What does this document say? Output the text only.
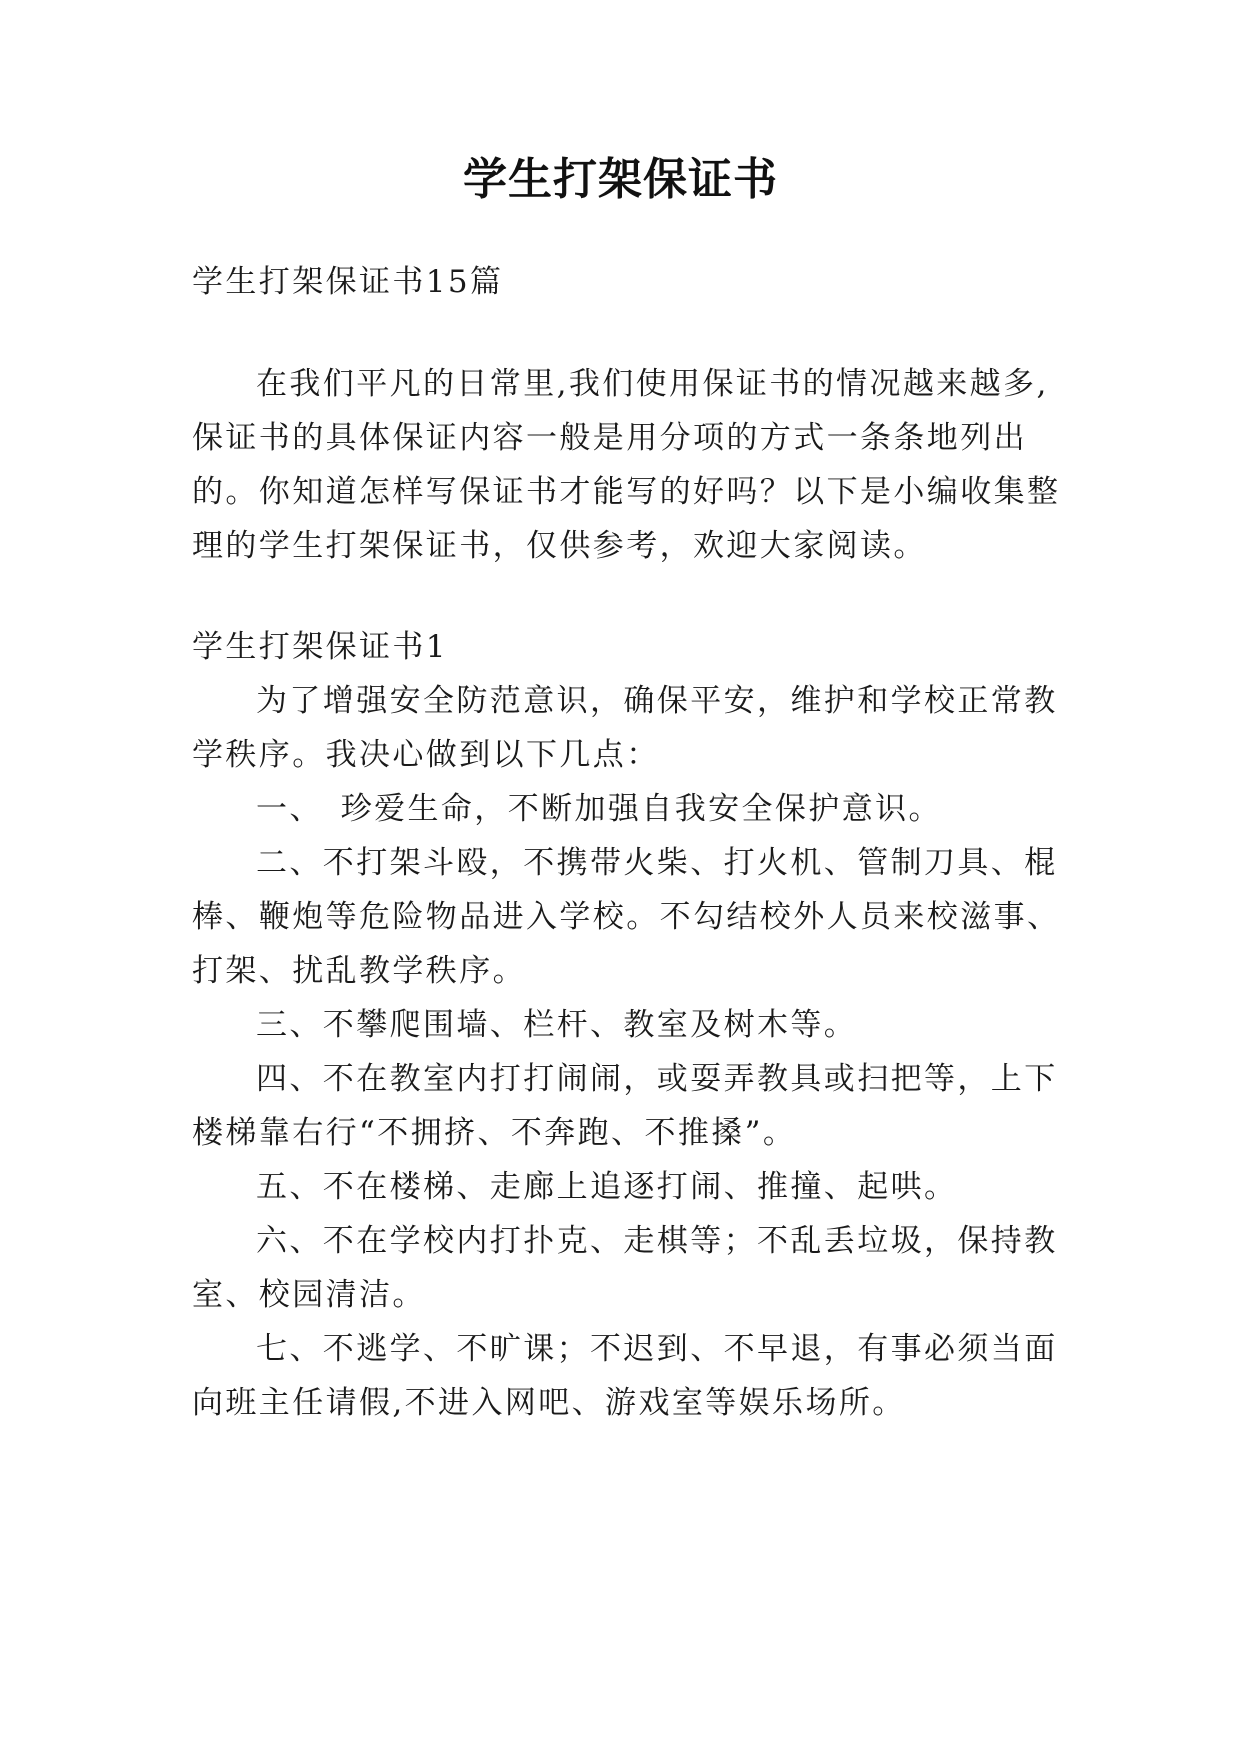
学生打架保证书
学生打架保证书15篇
在我们平凡的日常里,我们使用保证书的情况越来越多,
保证书的具体保证内容一般是用分项的方式一条条地列出
的。你知道怎样写保证书才能写的好吗？以下是小编收集整
理的学生打架保证书，仅供参考，欢迎大家阅读。
学生打架保证书1
为了增强安全防范意识，确保平安，维护和学校正常教
学秩序。我决心做到以下几点：
一、　珍爱生命，不断加强自我安全保护意识。
二、不打架斗殴，不携带火柴、打火机、管制刀具、棍
棒、鞭炮等危险物品进入学校。不勾结校外人员来校滋事、
打架、扰乱教学秩序。
三、不攀爬围墙、栏杆、教室及树木等。
四、不在教室内打打闹闹，或耍弄教具或扫把等，上下
楼梯靠右行“不拥挤、不奔跑、不推搡”。
五、不在楼梯、走廊上追逐打闹、推撞、起哄。
六、不在学校内打扑克、走棋等；不乱丢垃圾，保持教
室、校园清洁。
七、不逃学、不旷课；不迟到、不早退，有事必须当面
向班主任请假,不进入网吧、游戏室等娱乐场所。
